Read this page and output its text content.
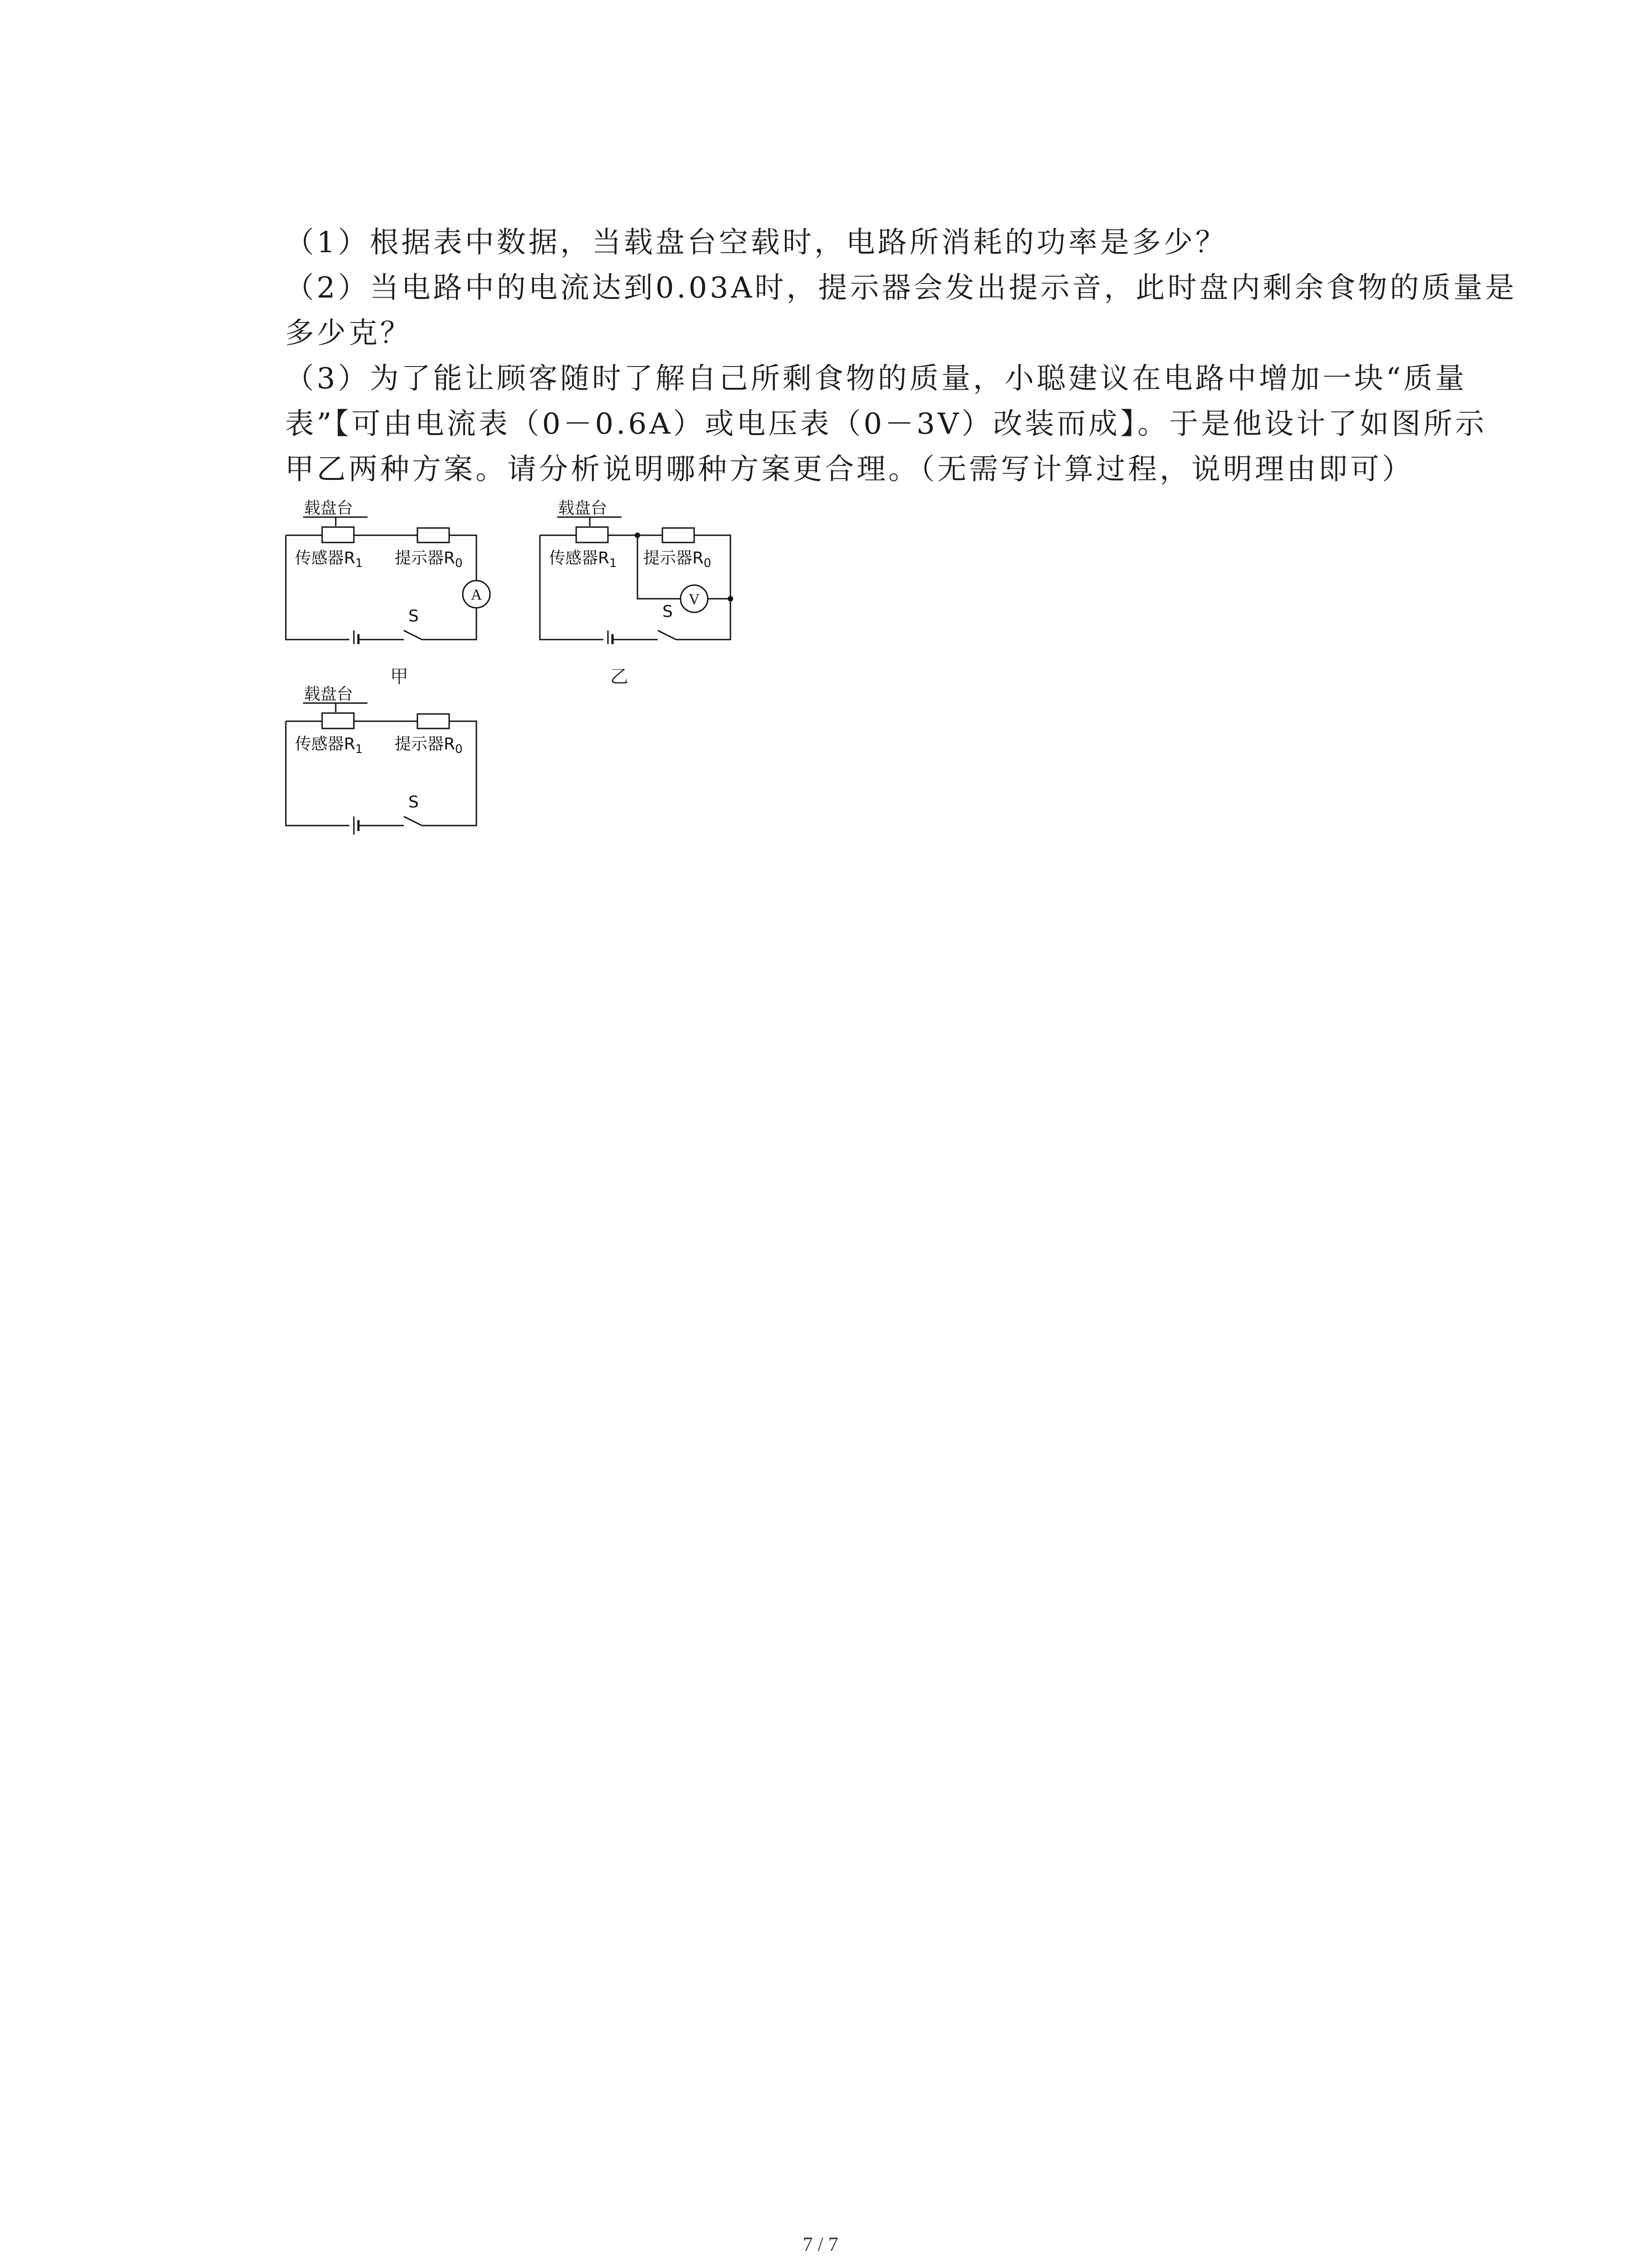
（1）根据表中数据，当载盘台空载时，电路所消耗的功率是多少？
（2）当电路中的电流达到0.03A时，提示器会发出提示音，此时盘内剩余食物的质量是
多少克？
（3）为了能让顾客随时了解自己所剩食物的质量，小聪建议在电路中增加一块“质量
表”【可由电流表（0－0.6A）或电压表（0－3V）改装而成】。于是他设计了如图所示
甲乙两种方案。请分析说明哪种方案更合理。（无需写计算过程，说明理由即可）
载盘台
传感器$R_1$ 提示器$R_0$
A
S
甲
载盘台
传感器$R_1$ 提示器$R_0$
V
S
乙
载盘台
传感器$R_1$ 提示器$R_0$
S
7 / 7
